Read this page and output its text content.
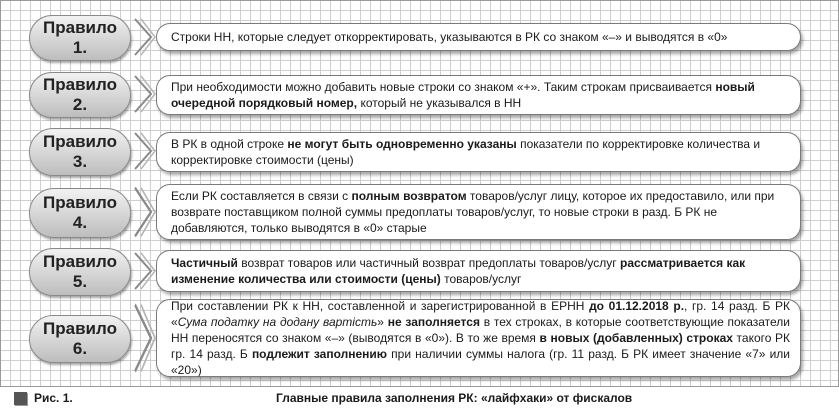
Правило
1.

Строки НН, которые следует откорректировать, указываются в РК со знаком «–» и выводятся в «0»

Правило
2.

При необходимости можно добавить новые строки со знаком «+». Таким строкам присваивается новый очередной порядковый номер, который не указывался в НН

Правило
3.

В РК в одной строке не могут быть одновременно указаны показатели по корректировке количества и корректировке стоимости (цены)

Правило
4.

Если РК составляется в связи с полным возвратом товаров/услуг лицу, которое их предоставило, или при возврате поставщиком полной суммы предоплаты товаров/услуг, то новые строки в разд. Б РК не добавляются, только выводятся в «0» старые

Правило
5.

Частичный возврат товаров или частичный возврат предоплаты товаров/услуг рассматривается как изменение количества или стоимости (цены) товаров/услуг

Правило
6.

При составлении РК к НН, составленной и зарегистрированной в ЕРНН до 01.12.2018 р., гр. 14 разд. Б РК «Сума податку на додану вартість» не заполняется в тех строках, в которые соответствующие показатели НН переносятся со знаком «–» (выводятся в «0»). В то же время в новых (добавленных) строках такого РК гр. 14 разд. Б подлежит заполнению при наличии суммы налога (гр. 11 разд. Б РК имеет значение «7» или «20»)

Рис. 1.	Главные правила заполнения РК: «лайфхаки» от фискалов
